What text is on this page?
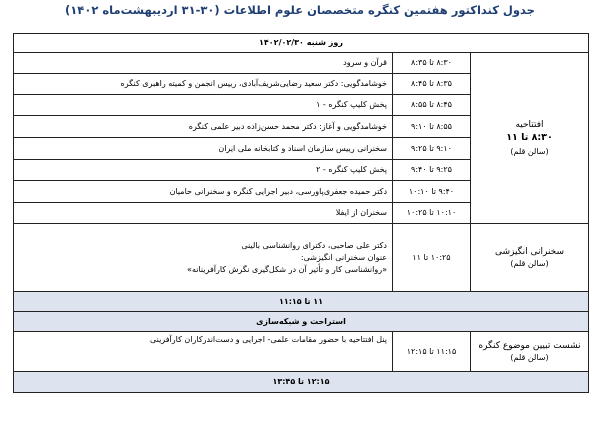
جدول کنداکتور هفتمین کنگره متخصصان علوم اطلاعات (۳۰-۳۱ اردیبهشت‌ماه ۱۴۰۲)
روز شنبه ۱۴۰۲/۰۲/۳۰		

افتتاحیه
۸:۳۰ تا ۱۱
(سالن قلم)	۸:۳۰ تا ۸:۳۵	قرآن و سرود
	۸:۳۵ تا ۸:۴۵	خوشامدگویی: دکتر سعید رضایی‌شریف‌آبادی، رییس انجمن و کمیته راهبری کنگره
	۸:۴۵ تا ۸:۵۵	پخش کلیپ کنگره - ۱
	۸:۵۵ تا ۹:۱۰	خوشامدگویی و آغاز: دکتر محمد حسن‌زاده دبیر علمی کنگره
	۹:۱۰ تا ۹:۲۵	سخنرانی رییس سازمان اسناد و کتابخانه ملی ایران
	۹:۲۵ تا ۹:۴۰	پخش کلیپ کنگره - ۲
	۹:۴۰ تا ۱۰:۱۰	دکتر حمیده جعفری‌پاورسی، دبیر اجرایی کنگره و سخنرانی حامیان
	۱۰:۱۰ تا ۱۰:۲۵	سخنران از ایفلا

سخنرانی انگیزشی
(سالن قلم)	۱۰:۲۵ تا ۱۱	دکتر علی صاحبی، دکترای روانشناسی بالینی
عنوان سخنرانی انگیزشی:
«روانشناسی کار و تأثیر آن در شکل‌گیری نگرش کارآفرینانه»

۱۱ تا ۱۱:۱۵		
استراحت و شبکه‌سازی		

نشست تبیین موضوع کنگره
(سالن قلم)	۱۱:۱۵ تا ۱۲:۱۵	پنل افتتاحیه با حضور مقامات علمی- اجرایی و دست‌اندرکاران کارآفرینی
۱۲:۱۵ تا ۱۳:۴۵		
